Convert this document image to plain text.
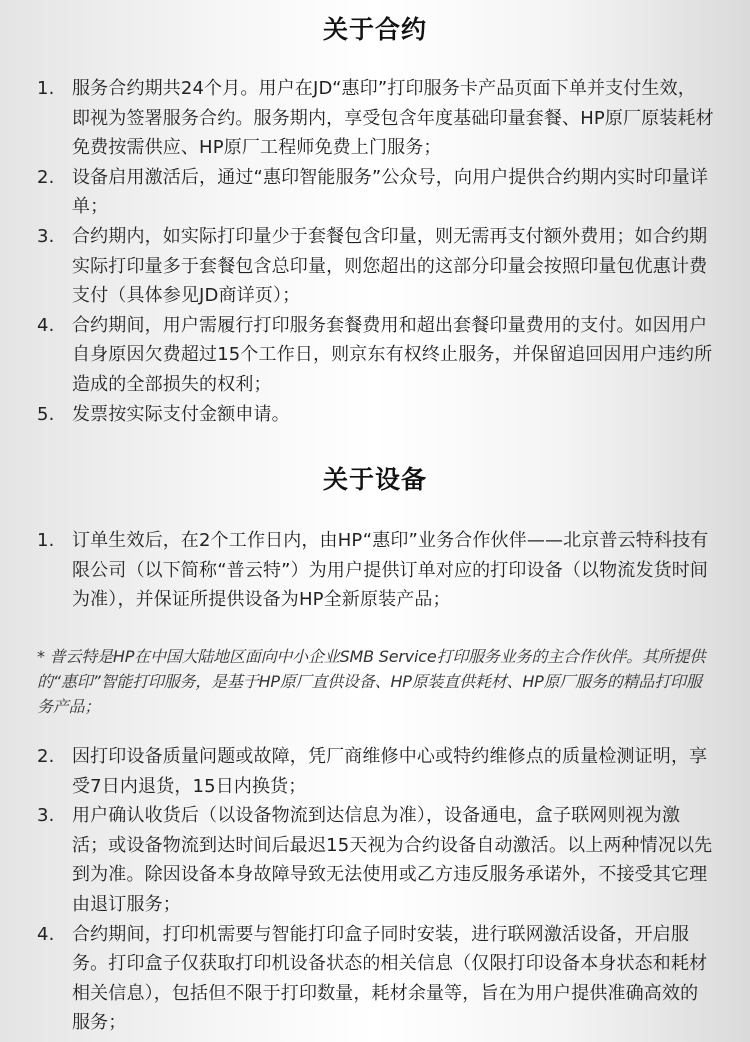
关于合约
1. 服务合约期共24个月。用户在JD“惠印”打印服务卡产品页面下单并支付生效，即视为签署服务合约。服务期内，享受包含年度基础印量套餐、HP原厂原装耗材免费按需供应、HP原厂工程师免费上门服务；
2. 设备启用激活后，通过“惠印智能服务”公众号，向用户提供合约期内实时印量详单；
3. 合约期内，如实际打印量少于套餐包含印量，则无需再支付额外费用；如合约期实际打印量多于套餐包含总印量，则您超出的这部分印量会按照印量包优惠计费支付（具体参见JD商详页）；
4. 合约期间，用户需履行打印服务套餐费用和超出套餐印量费用的支付。如因用户自身原因欠费超过15个工作日，则京东有权终止服务，并保留追回因用户违约所造成的全部损失的权利；
5. 发票按实际支付金额申请。
关于设备
1. 订单生效后，在2个工作日内，由HP“惠印”业务合作伙伴——北京普云特科技有限公司（以下简称“普云特”）为用户提供订单对应的打印设备（以物流发货时间为准），并保证所提供设备为HP全新原装产品；
* 普云特是HP在中国大陆地区面向中小企业SMB Service打印服务业务的主合作伙伴。其所提供的“惠印”智能打印服务，是基于HP原厂直供设备、HP原装直供耗材、HP原厂服务的精品打印服务产品；
2. 因打印设备质量问题或故障，凭厂商维修中心或特约维修点的质量检测证明，享受7日内退货，15日内换货；
3. 用户确认收货后（以设备物流到达信息为准），设备通电，盒子联网则视为激活；或设备物流到达时间后最迟15天视为合约设备自动激活。以上两种情况以先到为准。除因设备本身故障导致无法使用或乙方违反服务承诺外，不接受其它理由退订服务；
4. 合约期间，打印机需要与智能打印盒子同时安装，进行联网激活设备，开启服务。打印盒子仅获取打印机设备状态的相关信息（仅限打印设备本身状态和耗材相关信息），包括但不限于打印数量，耗材余量等，旨在为用户提供准确高效的服务；
